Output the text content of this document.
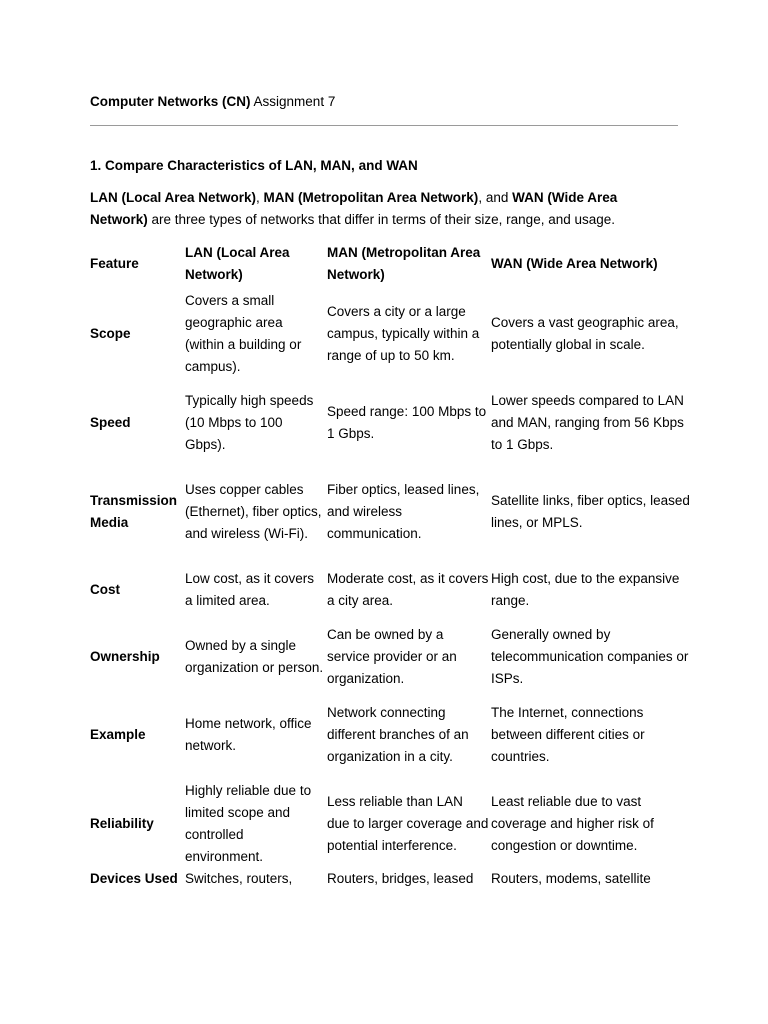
Computer Networks (CN) Assignment 7
1. Compare Characteristics of LAN, MAN, and WAN
LAN (Local Area Network), MAN (Metropolitan Area Network), and WAN (Wide Area Network) are three types of networks that differ in terms of their size, range, and usage.
Feature	LAN (Local Area Network)	MAN (Metropolitan Area Network)	WAN (Wide Area Network)
Scope	Covers a small geographic area (within a building or campus).	Covers a city or a large campus, typically within a range of up to 50 km.	Covers a vast geographic area, potentially global in scale.
Speed	Typically high speeds (10 Mbps to 100 Gbps).	Speed range: 100 Mbps to 1 Gbps.	Lower speeds compared to LAN and MAN, ranging from 56 Kbps to 1 Gbps.
Transmission Media	Uses copper cables (Ethernet), fiber optics, and wireless (Wi-Fi).	Fiber optics, leased lines, and wireless communication.	Satellite links, fiber optics, leased lines, or MPLS.
Cost	Low cost, as it covers a limited area.	Moderate cost, as it covers a city area.	High cost, due to the expansive range.
Ownership	Owned by a single organization or person.	Can be owned by a service provider or an organization.	Generally owned by telecommunication companies or ISPs.
Example	Home network, office network.	Network connecting different branches of an organization in a city.	The Internet, connections between different cities or countries.
Reliability	Highly reliable due to limited scope and controlled environment.	Less reliable than LAN due to larger coverage and potential interference.	Least reliable due to vast coverage and higher risk of congestion or downtime.
Devices Used	Switches, routers,	Routers, bridges, leased	Routers, modems, satellite
